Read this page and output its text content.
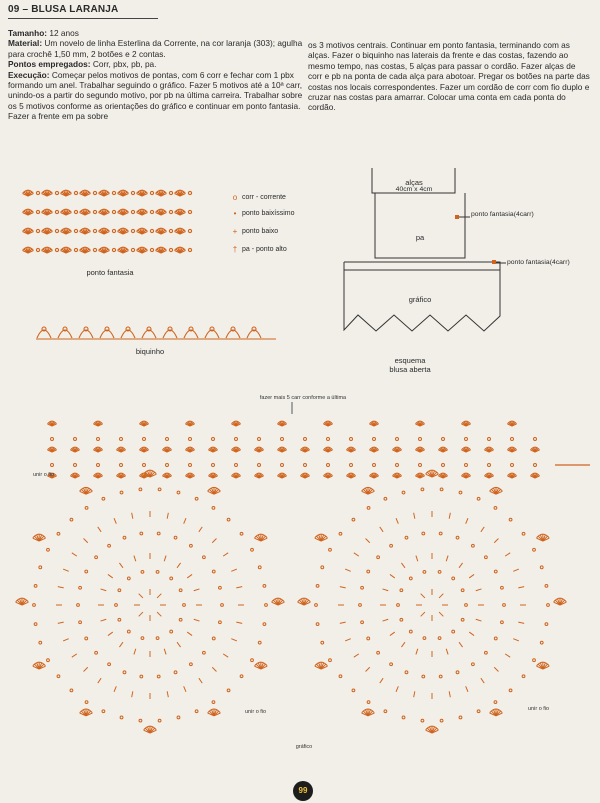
09 – BLUSA LARANJA
Tamanho: 12 anos
Material: Um novelo de linha Esterlina da Corrente, na cor laranja (303); agulha para crochê 1,50 mm, 2 botões e 2 contas.
Pontos empregados: Corr, pbx, pb, pa.
Execução: Começar pelos motivos de pontas, com 6 corr e fechar com 1 pbx formando um anel. Trabalhar seguindo o gráfico. Fazer 5 motivos até a 10ª carr, unindo-os a partir do segundo motivo, por pb na última carreira. Trabalhar sobre os 5 motivos conforme as orientações do gráfico e continuar em ponto fantasia. Fazer a frente em pa sobre
os 3 motivos centrais. Continuar em ponto fantasia, terminando com as alças. Fazer o biquinho nas laterais da frente e das costas, fazendo ao mesmo tempo, nas costas, 5 alças para passar o cordão. Fazer alças de corr e pb na ponta de cada alça para abotoar. Pregar os botões na parte das costas nos locais correspondentes. Fazer um cordão de corr com fio duplo e cruzar nas costas para amarrar. Colocar uma conta em cada ponta do cordão.
ponto fantasia
o corr - corrente
• ponto baixíssimo
+ ponto baixo
† pa - ponto alto
biquinho
alças
40cm x 4cm
pa
gráfico
ponto fantasia(4carr)
ponto fantasia(4carr)
esquema
blusa aberta
fazer mais 5 carr conforme a última
unir o fio
unir o fio	unir o fio
gráfico
99
